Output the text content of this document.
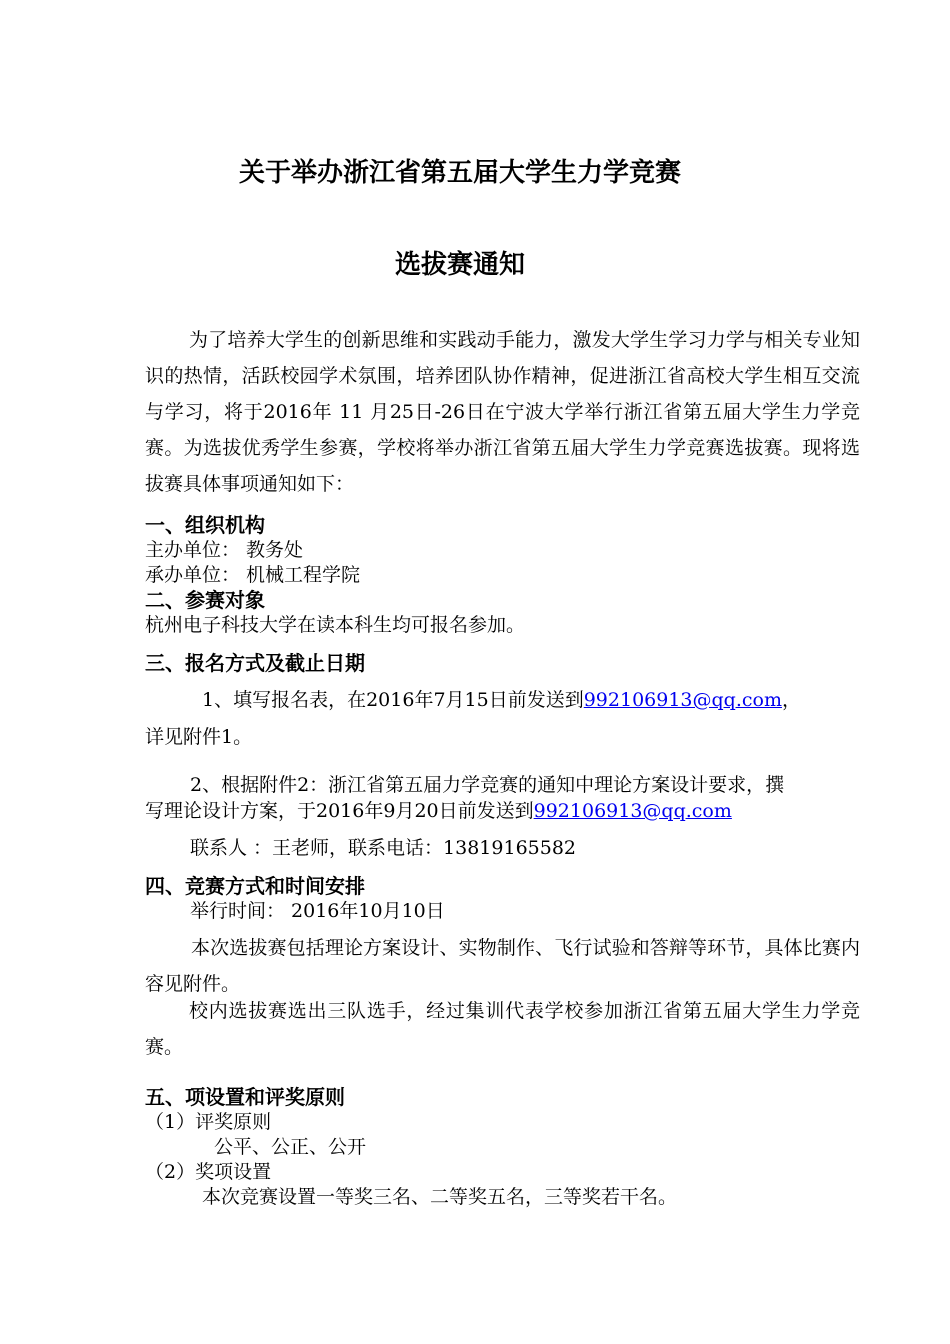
关于举办浙江省第五届大学生力学竞赛
选拔赛通知
为了培养大学生的创新思维和实践动手能力，激发大学生学习力学与相关专业知识的热情，活跃校园学术氛围，培养团队协作精神，促进浙江省高校大学生相互交流与学习，将于2016年 11 月25日-26日在宁波大学举行浙江省第五届大学生力学竞赛。为选拔优秀学生参赛，学校将举办浙江省第五届大学生力学竞赛选拔赛。现将选拔赛具体事项通知如下：
一、组织机构
主办单位： 教务处
承办单位： 机械工程学院
二、参赛对象
杭州电子科技大学在读本科生均可报名参加。
三、报名方式及截止日期
1、填写报名表，在2016年7月15日前发送到992106913@qq.com，
详见附件1。
2、根据附件2：浙江省第五届力学竞赛的通知中理论方案设计要求，撰
写理论设计方案，于2016年9月20日前发送到992106913@qq.com
联系人 ：王老师，联系电话：13819165582
四、竞赛方式和时间安排
举行时间： 2016年10月10日
本次选拔赛包括理论方案设计、实物制作、飞行试验和答辩等环节，具体比赛内容见附件。
校内选拔赛选出三队选手，经过集训代表学校参加浙江省第五届大学生力学竞赛。
五、项设置和评奖原则
（1）评奖原则
公平、公正、公开
（2）奖项设置
本次竞赛设置一等奖三名、二等奖五名，三等奖若干名。
